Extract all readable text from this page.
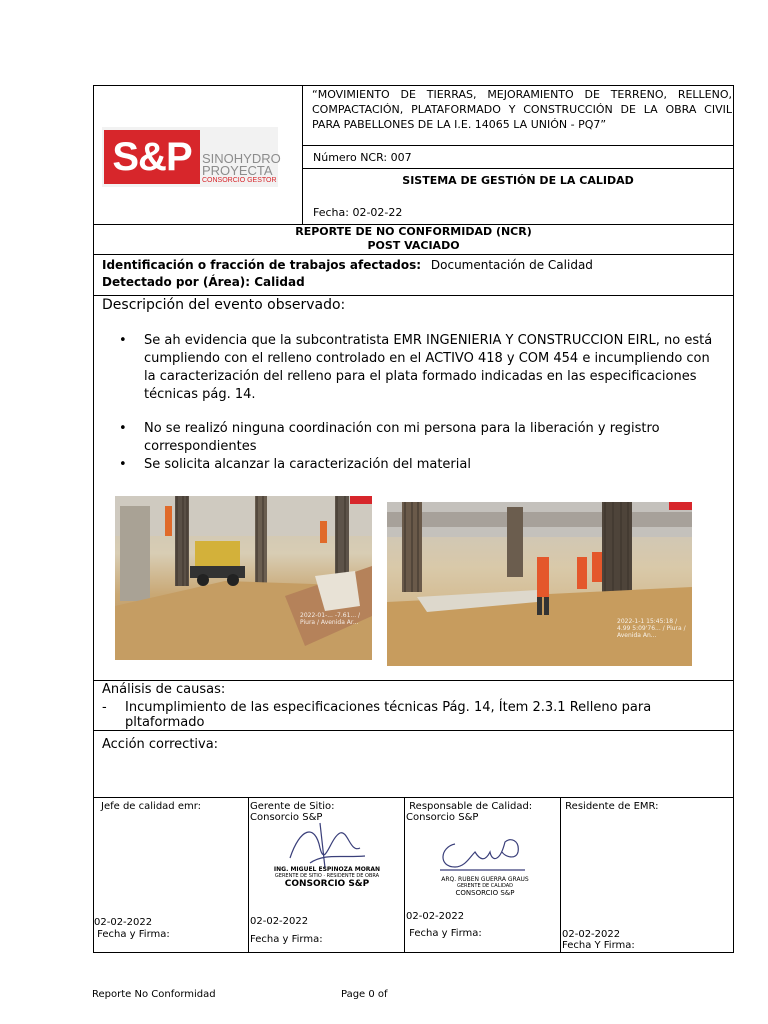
S&P SINOHYDRO
PROYECTA
CONSORCIO GESTOR
“MOVIMIENTO DE TIERRAS, MEJORAMIENTO DE TERRENO, RELLENO, COMPACTACIÓN, PLATAFORMADO Y CONSTRUCCIÓN DE LA OBRA CIVIL PARA PABELLONES DE LA I.E. 14065 LA UNIÓN - PQ7”
Número NCR: 007
SISTEMA DE GESTIÓN DE LA CALIDAD
Fecha: 02-02-22
REPORTE DE NO CONFORMIDAD (NCR)
POST VACIADO
Identificación o fracción de trabajos afectados: Documentación de Calidad
Detectado por (Área): Calidad
Descripción del evento observado:
• Se ah evidencia que la subcontratista EMR INGENIERIA Y CONSTRUCCION EIRL, no está cumpliendo con el relleno controlado en el ACTIVO 418 y COM 454 e incumpliendo con la caracterización del relleno para el plata formado indicadas en las especificaciones técnicas pág. 14.
• No se realizó ninguna coordinación con mi persona para la liberación y registro correspondientes
• Se solicita alcanzar la caracterización del material
2022-01-... -7.61... / Piura / Avenida Ar...	2022-1-1 15:45:18 / 4.99 5:09'76... / Piura / Avenida An...
Análisis de causas:
- Incumplimiento de las especificaciones técnicas Pág. 14, Ítem 2.3.1 Relleno para pltaformado
Acción correctiva:
Jefe de calidad emr:
02-02-2022
Fecha y Firma:
Gerente de Sitio:
Consorcio S&P
ING. MIGUEL ESPINOZA MORAN
GERENTE DE SITIO · RESIDENTE DE OBRA
CONSORCIO S&P
02-02-2022
Fecha y Firma:
Responsable de Calidad:
Consorcio S&P
ARQ. RUBEN GUERRA GRAUS
GERENTE DE CALIDAD
CONSORCIO S&P
02-02-2022
Fecha y Firma:
Residente de EMR:
02-02-2022
Fecha Y Firma:
Reporte No Conformidad	Page 0 of
